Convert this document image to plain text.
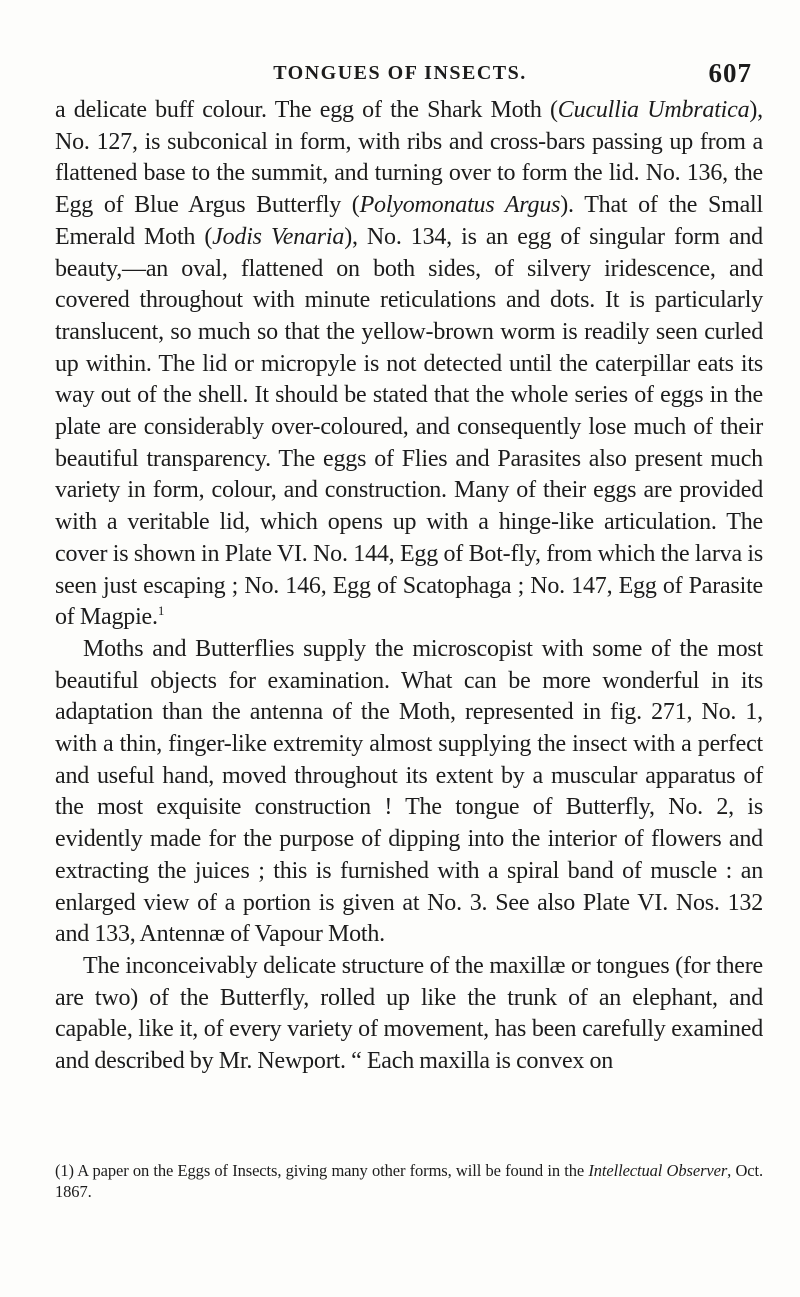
TONGUES OF INSECTS.	607

a delicate buff colour. The egg of the Shark Moth (Cucullia Umbratica), No. 127, is subconical in form, with ribs and cross-bars passing up from a flattened base to the summit, and turning over to form the lid. No. 136, the Egg of Blue Argus Butterfly (Polyomonatus Argus). That of the Small Emerald Moth (Jodis Venaria), No. 134, is an egg of singular form and beauty,—an oval, flattened on both sides, of silvery iridescence, and covered throughout with minute reticulations and dots. It is particularly translucent, so much so that the yellow-brown worm is readily seen curled up within. The lid or micropyle is not detected until the caterpillar eats its way out of the shell. It should be stated that the whole series of eggs in the plate are considerably over-coloured, and consequently lose much of their beautiful transparency. The eggs of Flies and Parasites also present much variety in form, colour, and construction. Many of their eggs are provided with a veritable lid, which opens up with a hinge-like articulation. The cover is shown in Plate VI. No. 144, Egg of Bot-fly, from which the larva is seen just escaping ; No. 146, Egg of Scatophaga ; No. 147, Egg of Parasite of Magpie.$^1$

Moths and Butterflies supply the microscopist with some of the most beautiful objects for examination. What can be more wonderful in its adaptation than the antenna of the Moth, represented in fig. 271, No. 1, with a thin, finger-like extremity almost supplying the insect with a perfect and useful hand, moved throughout its extent by a muscular apparatus of the most exquisite construction ! The tongue of Butterfly, No. 2, is evidently made for the purpose of dipping into the interior of flowers and extracting the juices ; this is furnished with a spiral band of muscle : an enlarged view of a portion is given at No. 3. See also Plate VI. Nos. 132 and 133, Antennæ of Vapour Moth.

The inconceivably delicate structure of the maxillæ or tongues (for there are two) of the Butterfly, rolled up like the trunk of an elephant, and capable, like it, of every variety of movement, has been carefully examined and described by Mr. Newport. “ Each maxilla is convex on

(1) A paper on the Eggs of Insects, giving many other forms, will be found in the Intellectual Observer, Oct. 1867.
